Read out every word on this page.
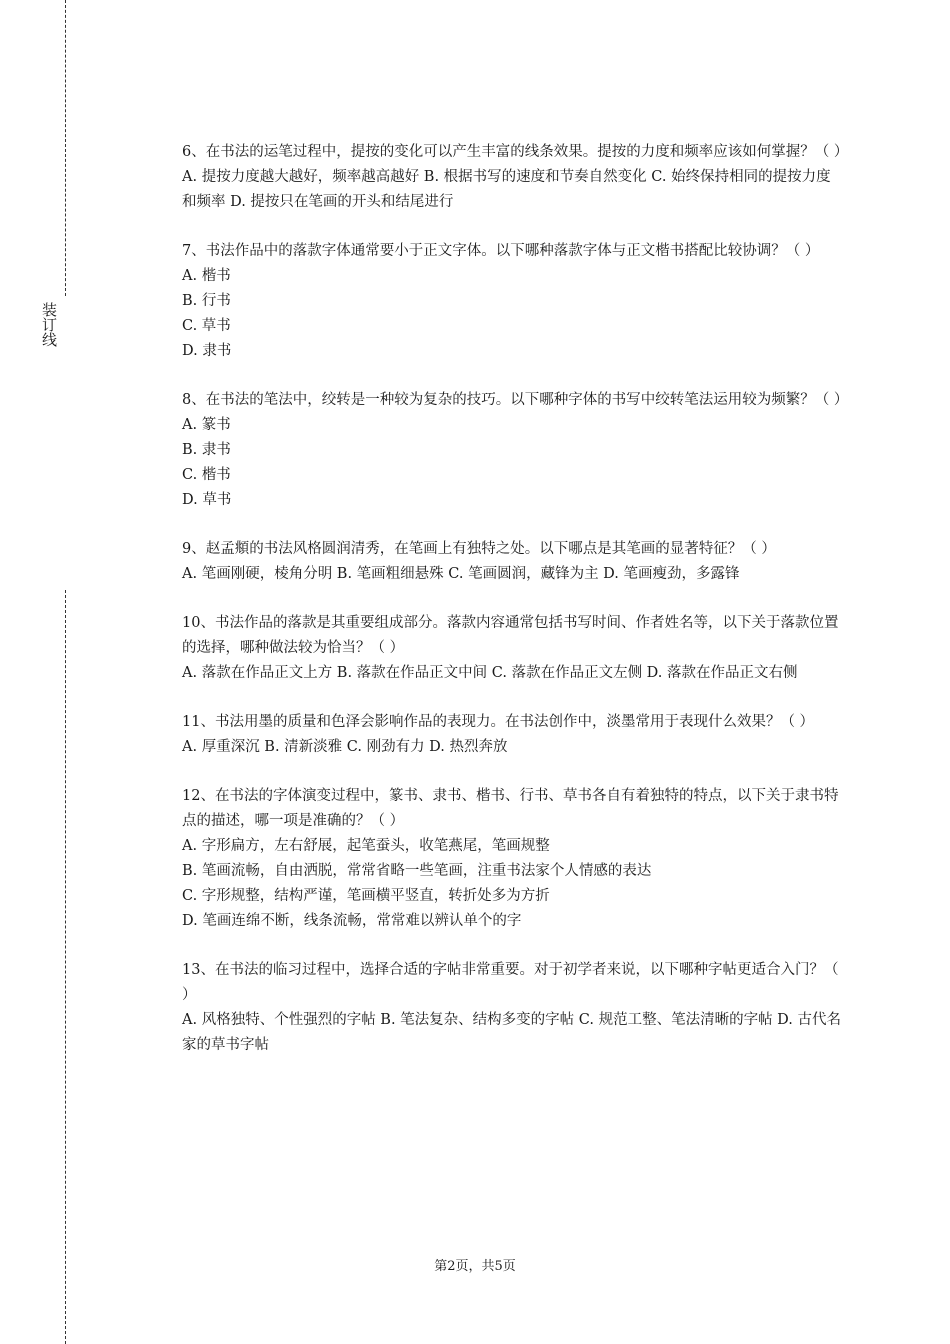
装订线

6、在书法的运笔过程中，提按的变化可以产生丰富的线条效果。提按的力度和频率应该如何掌握？（ ）

A. 提按力度越大越好，频率越高越好 B. 根据书写的速度和节奏自然变化 C. 始终保持相同的提按力度和频率 D. 提按只在笔画的开头和结尾进行

7、书法作品中的落款字体通常要小于正文字体。以下哪种落款字体与正文楷书搭配比较协调？（ ）

A. 楷书

B. 行书

C. 草书

D. 隶书

8、在书法的笔法中，绞转是一种较为复杂的技巧。以下哪种字体的书写中绞转笔法运用较为频繁？（ ）

A. 篆书

B. 隶书

C. 楷书

D. 草书

9、赵孟頫的书法风格圆润清秀，在笔画上有独特之处。以下哪点是其笔画的显著特征？（ ）

A. 笔画刚硬，棱角分明 B. 笔画粗细悬殊 C. 笔画圆润，藏锋为主 D. 笔画瘦劲，多露锋

10、书法作品的落款是其重要组成部分。落款内容通常包括书写时间、作者姓名等，以下关于落款位置的选择，哪种做法较为恰当？（ ）

A. 落款在作品正文上方 B. 落款在作品正文中间 C. 落款在作品正文左侧 D. 落款在作品正文右侧

11、书法用墨的质量和色泽会影响作品的表现力。在书法创作中，淡墨常用于表现什么效果？（ ）

A. 厚重深沉 B. 清新淡雅 C. 刚劲有力 D. 热烈奔放

12、在书法的字体演变过程中，篆书、隶书、楷书、行书、草书各自有着独特的特点，以下关于隶书特点的描述，哪一项是准确的？（ ）

A. 字形扁方，左右舒展，起笔蚕头，收笔燕尾，笔画规整

B. 笔画流畅，自由洒脱，常常省略一些笔画，注重书法家个人情感的表达

C. 字形规整，结构严谨，笔画横平竖直，转折处多为方折

D. 笔画连绵不断，线条流畅，常常难以辨认单个的字

13、在书法的临习过程中，选择合适的字帖非常重要。对于初学者来说，以下哪种字帖更适合入门？（ ）

A. 风格独特、个性强烈的字帖 B. 笔法复杂、结构多变的字帖 C. 规范工整、笔法清晰的字帖 D. 古代名家的草书字帖

第2页，共5页
